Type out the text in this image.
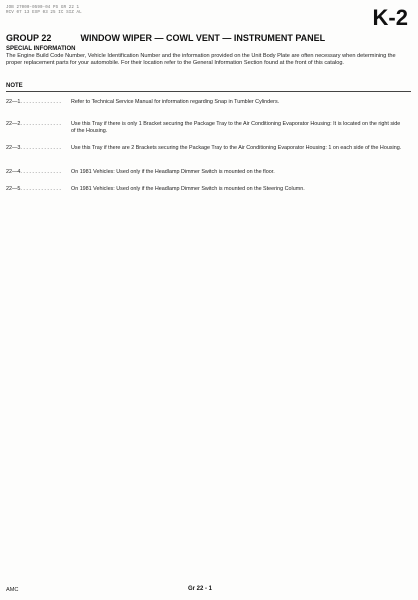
JOB 27000-0590-04 PS GR 22 1
RCV 07 13 EXP 03 25 IC SIZ AL	K-2
GROUP 22	WINDOW WIPER — COWL VENT — INSTRUMENT PANEL
SPECIAL INFORMATION
The Engine Build Code Number, Vehicle Identification Number and the information provided on the Unit Body Plate are often necessary when determining the proper replacement parts for your automobile. For their location refer to the General Information Section found at the front of this catalog.
NOTE
22—1. . . . . . . . . . . . . . Refer to Technical Service Manual for information regarding Snap in Tumbler Cylinders.
22—2. . . . . . . . . . . . . . Use this Tray if there is only 1 Bracket securing the Package Tray to the Air Conditioning Evaporator Housing: It is located on the right side of the Housing.
22—3. . . . . . . . . . . . . . Use this Tray if there are 2 Brackets securing the Package Tray to the Air Conditioning Evaporator Housing: 1 on each side of the Housing.
22—4. . . . . . . . . . . . . . On 1981 Vehicles: Used only if the Headlamp Dimmer Switch is mounted on the floor.
22—5. . . . . . . . . . . . . . On 1981 Vehicles: Used only if the Headlamp Dimmer Switch is mounted on the Steering Column.
AMC	Gr 22 - 1
